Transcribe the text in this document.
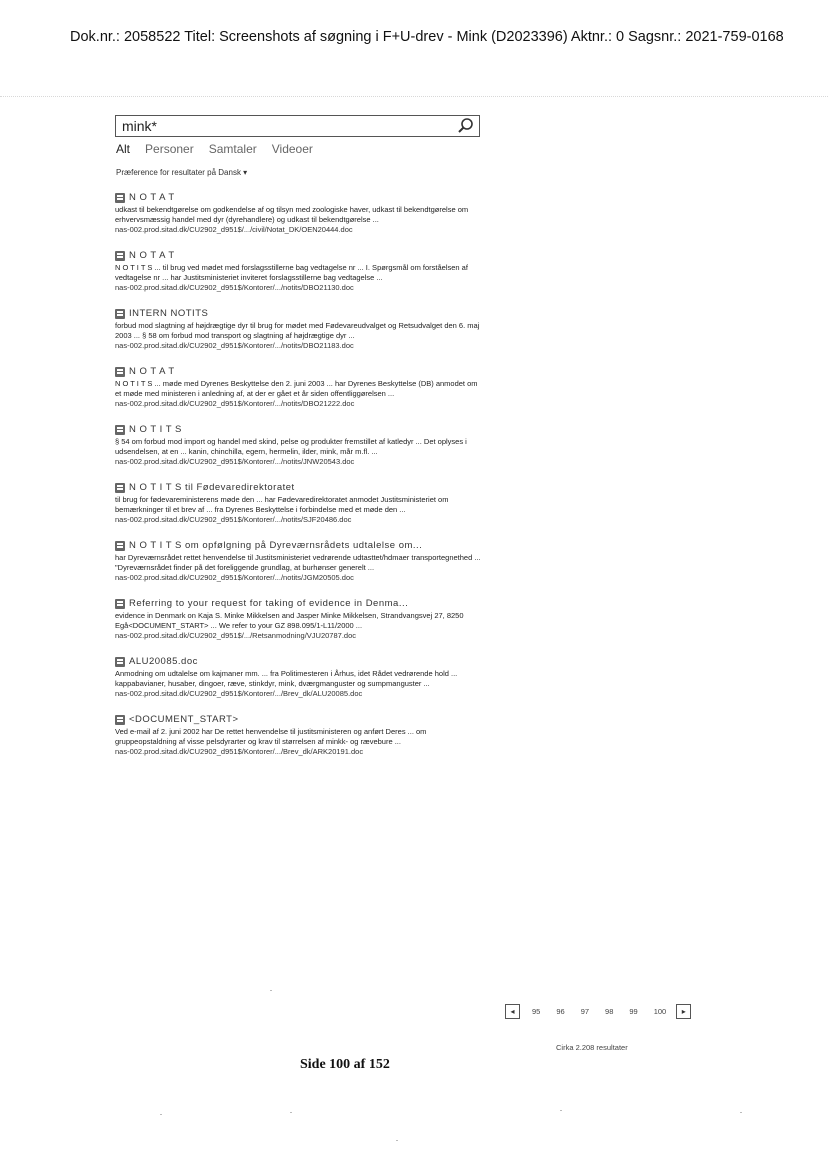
Dok.nr.: 2058522 Titel: Screenshots af søgning i F+U-drev - Mink (D2023396) Aktnr.: 0 Sagsnr.: 2021-759-0168
mink*
Alt Personer Samtaler Videoer
Præference for resultater på Dansk ▾
N O T A T
udkast til bekendtgørelse om godkendelse af og tilsyn med zoologiske haver, udkast til bekendtgørelse om erhvervsmæssig handel med dyr (dyrehandlere) og udkast til bekendtgørelse ...
nas-002.prod.sitad.dk/CU2902_d951$/.../civil/Notat_DK/OEN20444.doc
N O T A T
N O T I T S ... til brug ved mødet med forslagsstillerne bag vedtagelse nr ... I. Spørgsmål om forståelsen af vedtagelse nr ... har Justitsministeriet inviteret forslagsstillerne bag vedtagelse ...
nas-002.prod.sitad.dk/CU2902_d951$/Kontorer/.../notits/DBO21130.doc
INTERN NOTITS
forbud mod slagtning af højdrægtige dyr til brug for mødet med Fødevareudvalget og Retsudvalget den 6. maj 2003 ... § 58 om forbud mod transport og slagtning af højdrægtige dyr ...
nas-002.prod.sitad.dk/CU2902_d951$/Kontorer/.../notits/DBO21183.doc
N O T A T
N O T I T S ... møde med Dyrenes Beskyttelse den 2. juni 2003 ... har Dyrenes Beskyttelse (DB) anmodet om et møde med ministeren i anledning af, at der er gået et år siden offentliggørelsen ...
nas-002.prod.sitad.dk/CU2902_d951$/Kontorer/.../notits/DBO21222.doc
N O T I T S
§ 54 om forbud mod import og handel med skind, pelse og produkter fremstillet af katledyr ... Det oplyses i udsendelsen, at en ... kanin, chinchilla, egern, hermelin, ilder, mink, mår m.fl. ...
nas-002.prod.sitad.dk/CU2902_d951$/Kontorer/.../notits/JNW20543.doc
N O T I T S til Fødevaredirektoratet
til brug for fødevareministerens møde den ... har Fødevaredirektoratet anmodet Justitsministeriet om bemærkninger til et brev af ... fra Dyrenes Beskyttelse i forbindelse med et møde den ...
nas-002.prod.sitad.dk/CU2902_d951$/Kontorer/.../notits/SJF20486.doc
N O T I T S om opfølgning på Dyreværnsrådets udtalelse om...
har Dyreværnsrådet rettet henvendelse til Justitsministeriet vedrørende udtasttet/hdmaer transportegnethed ... "Dyreværnsrådet finder på det foreliggende grundlag, at burhønser generelt ...
nas-002.prod.sitad.dk/CU2902_d951$/Kontorer/.../notits/JGM20505.doc
Referring to your request for taking of evidence in Denma...
evidence in Denmark on Kaja S. Minke Mikkelsen and Jasper Minke Mikkelsen, Strandvangsvej 27, 8250 Egå<DOCUMENT_START> ... We refer to your GZ 898.095/1-L11/2000 ...
nas-002.prod.sitad.dk/CU2902_d951$/.../Retsanmodning/VJU20787.doc
ALU20085.doc
Anmodning om udtalelse om kajmaner mm. ... fra Politimesteren i Århus, idet Rådet vedrørende hold ... kappabavianer, husaber, dingoer, ræve, stinkdyr, mink, dværgmanguster og sumpmanguster ...
nas-002.prod.sitad.dk/CU2902_d951$/Kontorer/.../Brev_dk/ALU20085.doc
<DOCUMENT_START>
Ved e-mail af 2. juni 2002 har De rettet henvendelse til justitsministeren og anført Deres ... om gruppeopstaldning af visse pelsdyrarter og krav til størrelsen af minkk- og rævebure ...
nas-002.prod.sitad.dk/CU2902_d951$/Kontorer/.../Brev_dk/ARK20191.doc
◂	95 96 97 98 99 100	▸
Cirka 2.208 resultater
Side 100 af 152
